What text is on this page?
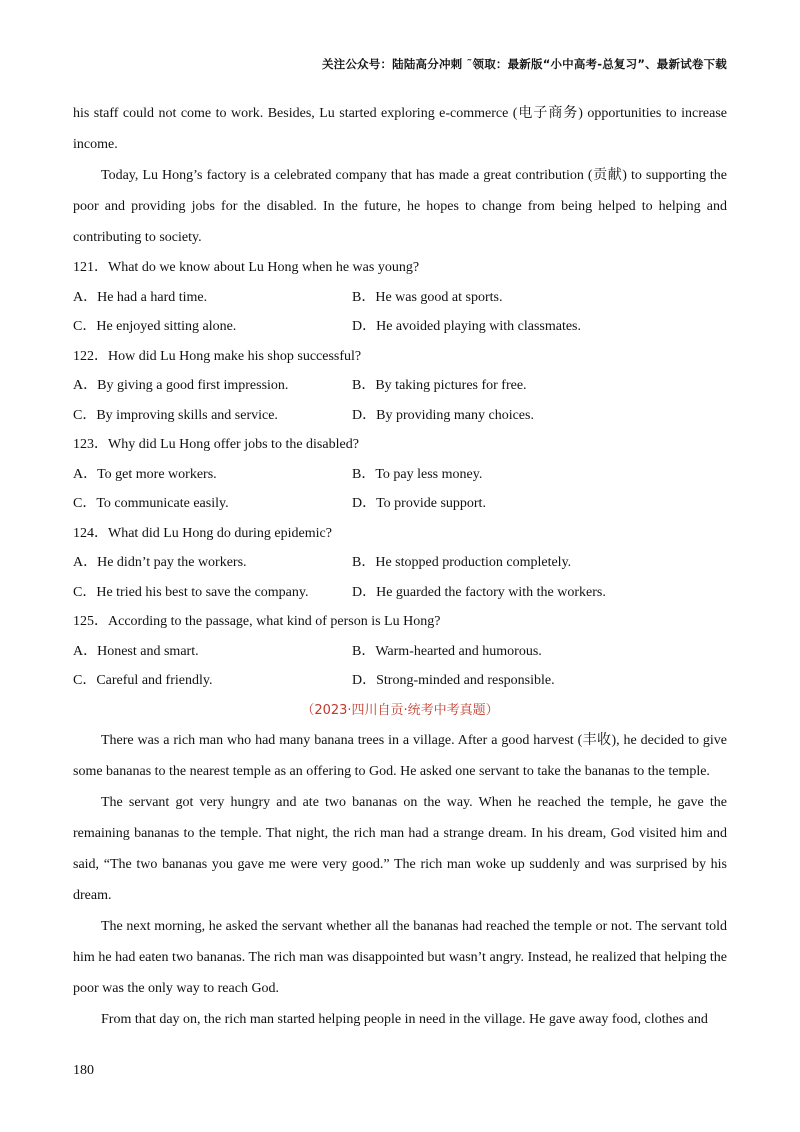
关注公众号：陆陆高分冲刺 ˜领取：最新版“小中高考-总复习”、最新试卷下载

his staff could not come to work. Besides, Lu started exploring e-commerce (电子商务) opportunities to increase income.

Today, Lu Hong’s factory is a celebrated company that has made a great contribution (贡献) to supporting the poor and providing jobs for the disabled. In the future, he hopes to change from being helped to helping and contributing to society.

121．What do we know about Lu Hong when he was young?
A．He had a hard time.	B．He was good at sports.
C．He enjoyed sitting alone.	D．He avoided playing with classmates.
122．How did Lu Hong make his shop successful?
A．By giving a good first impression.	B．By taking pictures for free.
C．By improving skills and service.	D．By providing many choices.
123．Why did Lu Hong offer jobs to the disabled?
A．To get more workers.	B．To pay less money.
C．To communicate easily.	D．To provide support.
124．What did Lu Hong do during epidemic?
A．He didn’t pay the workers.	B．He stopped production completely.
C．He tried his best to save the company.	D．He guarded the factory with the workers.
125．According to the passage, what kind of person is Lu Hong?
A．Honest and smart.	B．Warm-hearted and humorous.
C．Careful and friendly.	D．Strong-minded and responsible.
（2023·四川自贡·统考中考真题）

There was a rich man who had many banana trees in a village. After a good harvest (丰收), he decided to give some bananas to the nearest temple as an offering to God. He asked one servant to take the bananas to the temple.

The servant got very hungry and ate two bananas on the way. When he reached the temple, he gave the remaining bananas to the temple. That night, the rich man had a strange dream. In his dream, God visited him and said, “The two bananas you gave me were very good.” The rich man woke up suddenly and was surprised by his dream.

The next morning, he asked the servant whether all the bananas had reached the temple or not. The servant told him he had eaten two bananas. The rich man was disappointed but wasn’t angry. Instead, he realized that helping the poor was the only way to reach God.

From that day on, the rich man started helping people in need in the village. He gave away food, clothes and

180
